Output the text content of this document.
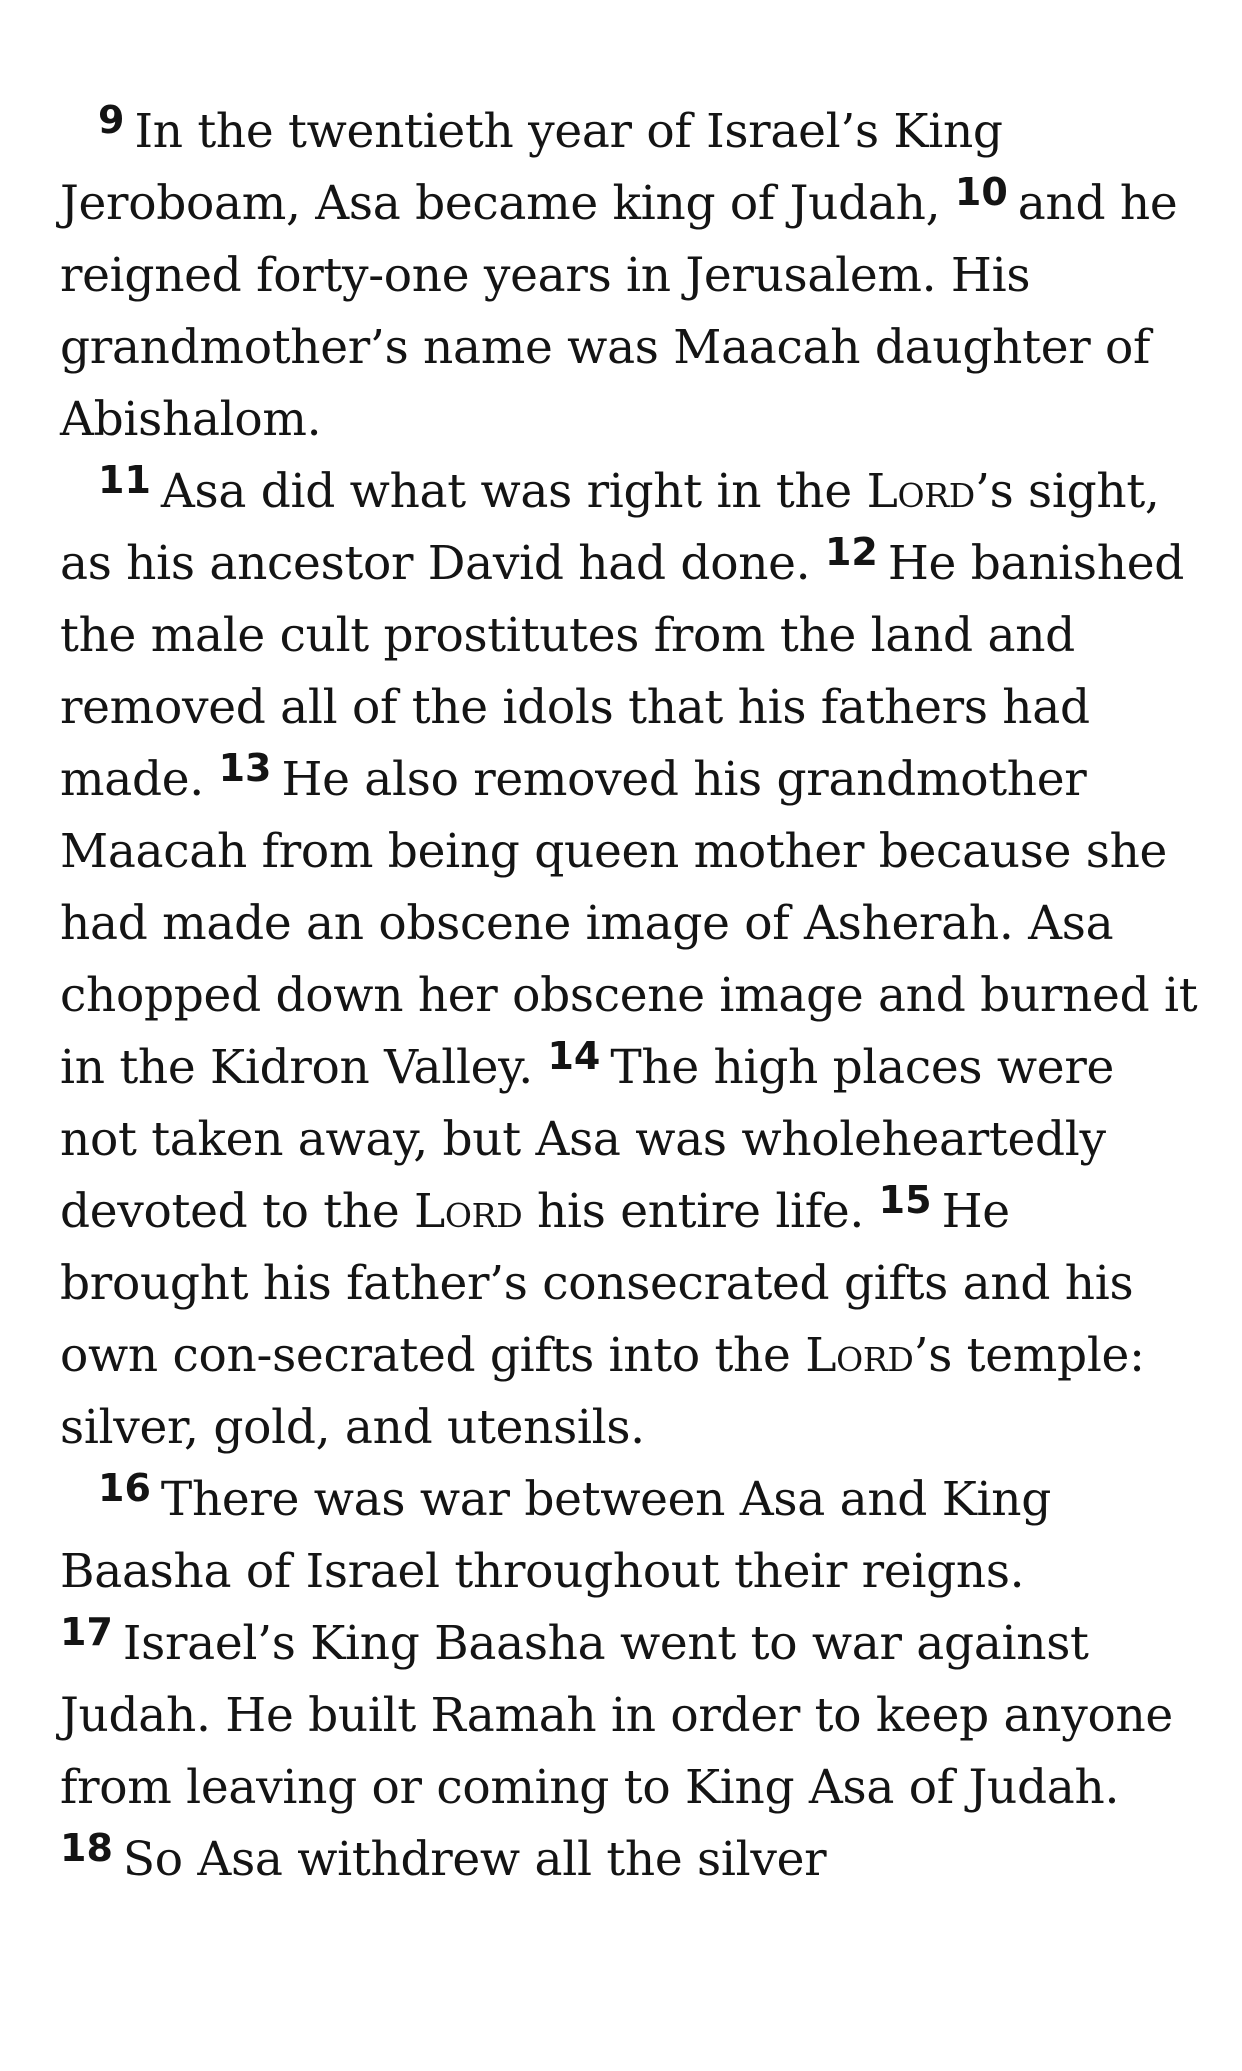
$^9$ In the twentieth year of Israel’s King Jeroboam, Asa became king of Judah, $^{10}$ and he reigned forty-one years in Jerusalem. His grandmother’s name was Maacah daughter of Abishalom.

$^{11}$ Asa did what was right in the Lord’s sight, as his ancestor David had done. $^{12}$ He banished the male cult prostitutes from the land and removed all of the idols that his fathers had made. $^{13}$ He also removed his grandmother Maacah from being queen mother because she had made an obscene image of Asherah. Asa chopped down her obscene image and burned it in the Kidron Valley. $^{14}$ The high places were not taken away, but Asa was wholeheartedly devoted to the Lord his entire life. $^{15}$ He brought his father’s consecrated gifts and his own con-secrated gifts into the Lord’s temple: silver, gold, and utensils.

$^{16}$ There was war between Asa and King Baasha of Israel throughout their reigns. $^{17}$ Israel’s King Baasha went to war against Judah. He built Ramah in order to keep anyone from leaving or coming to King Asa of Judah. $^{18}$ So Asa withdrew all the silver
